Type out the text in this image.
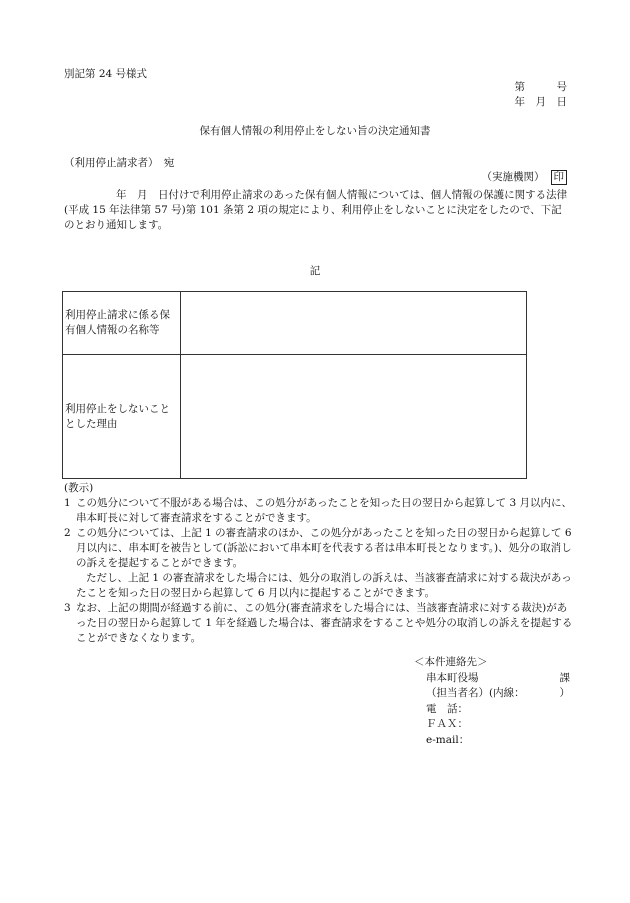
別記第 24 号様式
第　　　号
年　月　日
保有個人情報の利用停止をしない旨の決定通知書
（利用停止請求者）　宛
（実施機関） 印
年　月　日付けで利用停止請求のあった保有個人情報については、個人情報の保護に関する法律(平成 15 年法律第 57 号)第 101 条第 2 項の規定により、利用停止をしないことに決定をしたので、下記のとおり通知します。
記
利用停止請求に係る保有個人情報の名称等
利用停止をしないこととした理由

(教示)

1 この処分について不服がある場合は、この処分があったことを知った日の翌日から起算して 3 月以内に、串本町長に対して審査請求をすることができます。

2 この処分については、上記 1 の審査請求のほか、この処分があったことを知った日の翌日から起算して 6 月以内に、串本町を被告として(訴訟において串本町を代表する者は串本町長となります。)、処分の取消しの訴えを提起することができます。

ただし、上記 1 の審査請求をした場合には、処分の取消しの訴えは、当該審査請求に対する裁決があったことを知った日の翌日から起算して 6 月以内に提起することができます。

3 なお、上記の期間が経過する前に、この処分(審査請求をした場合には、当該審査請求に対する裁決)があった日の翌日から起算して 1 年を経過した場合は、審査請求をすることや処分の取消しの訴えを提起することができなくなります。

＜本件連絡先＞
串本町役場	課
（担当者名）(内線：	）
電　話：
ＦＡＸ：
e-mail：
